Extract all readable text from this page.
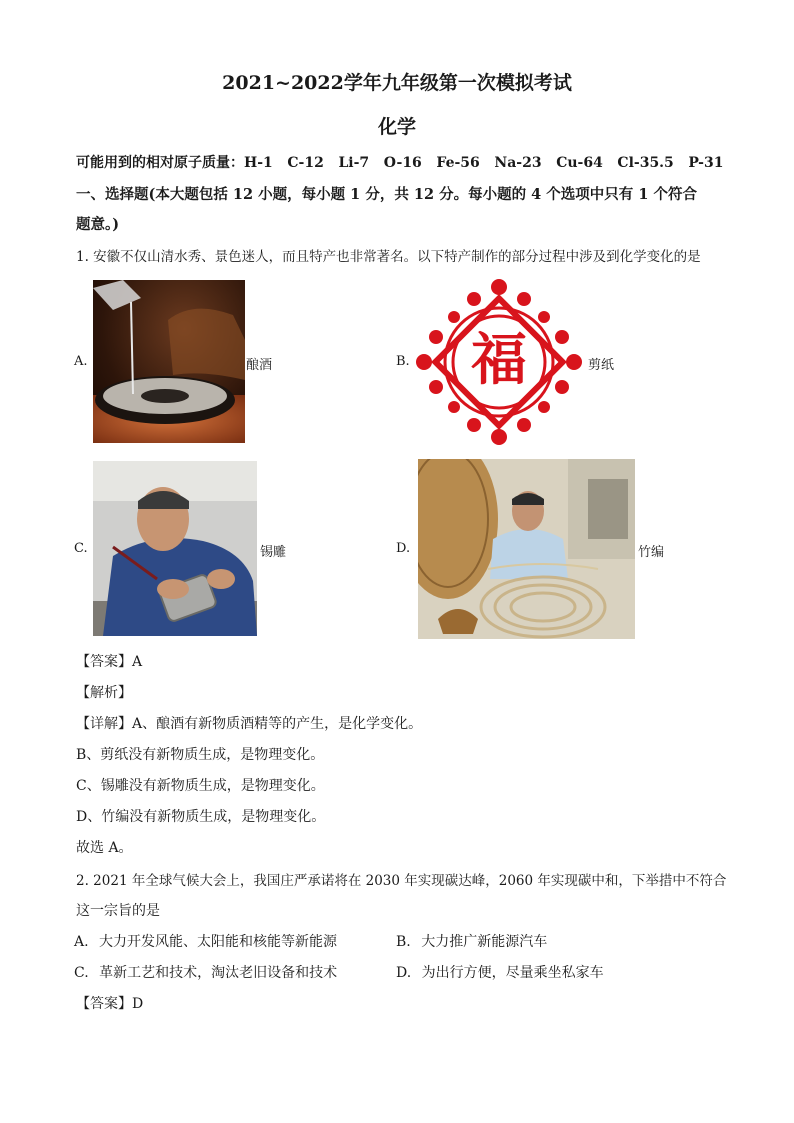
2021~2022学年九年级第一次模拟考试
化学
可能用到的相对原子质量：H-1   C-12   Li-7   O-16   Fe-56   Na-23   Cu-64   Cl-35.5   P-31
一、选择题(本大题包括 12 小题，每小题 1 分，共 12 分。每小题的 4 个选项中只有 1 个符合
题意。)
1. 安徽不仅山清水秀、景色迷人，而且特产也非常著名。以下特产制作的部分过程中涉及到化学变化的是
A.	酿酒	B. 福	剪纸
C.	锡雕	D.	竹编
【答案】A
【解析】
【详解】A、酿酒有新物质酒精等的产生，是化学变化。
B、剪纸没有新物质生成，是物理变化。
C、锡雕没有新物质生成，是物理变化。
D、竹编没有新物质生成，是物理变化。
故选 A。
2. 2021 年全球气候大会上，我国庄严承诺将在 2030 年实现碳达峰，2060 年实现碳中和，下举措中不符合
这一宗旨的是
A. 大力开发风能、太阳能和核能等新能源	B. 大力推广新能源汽车
C. 革新工艺和技术，淘汰老旧设备和技术	D. 为出行方便，尽量乘坐私家车
【答案】D
